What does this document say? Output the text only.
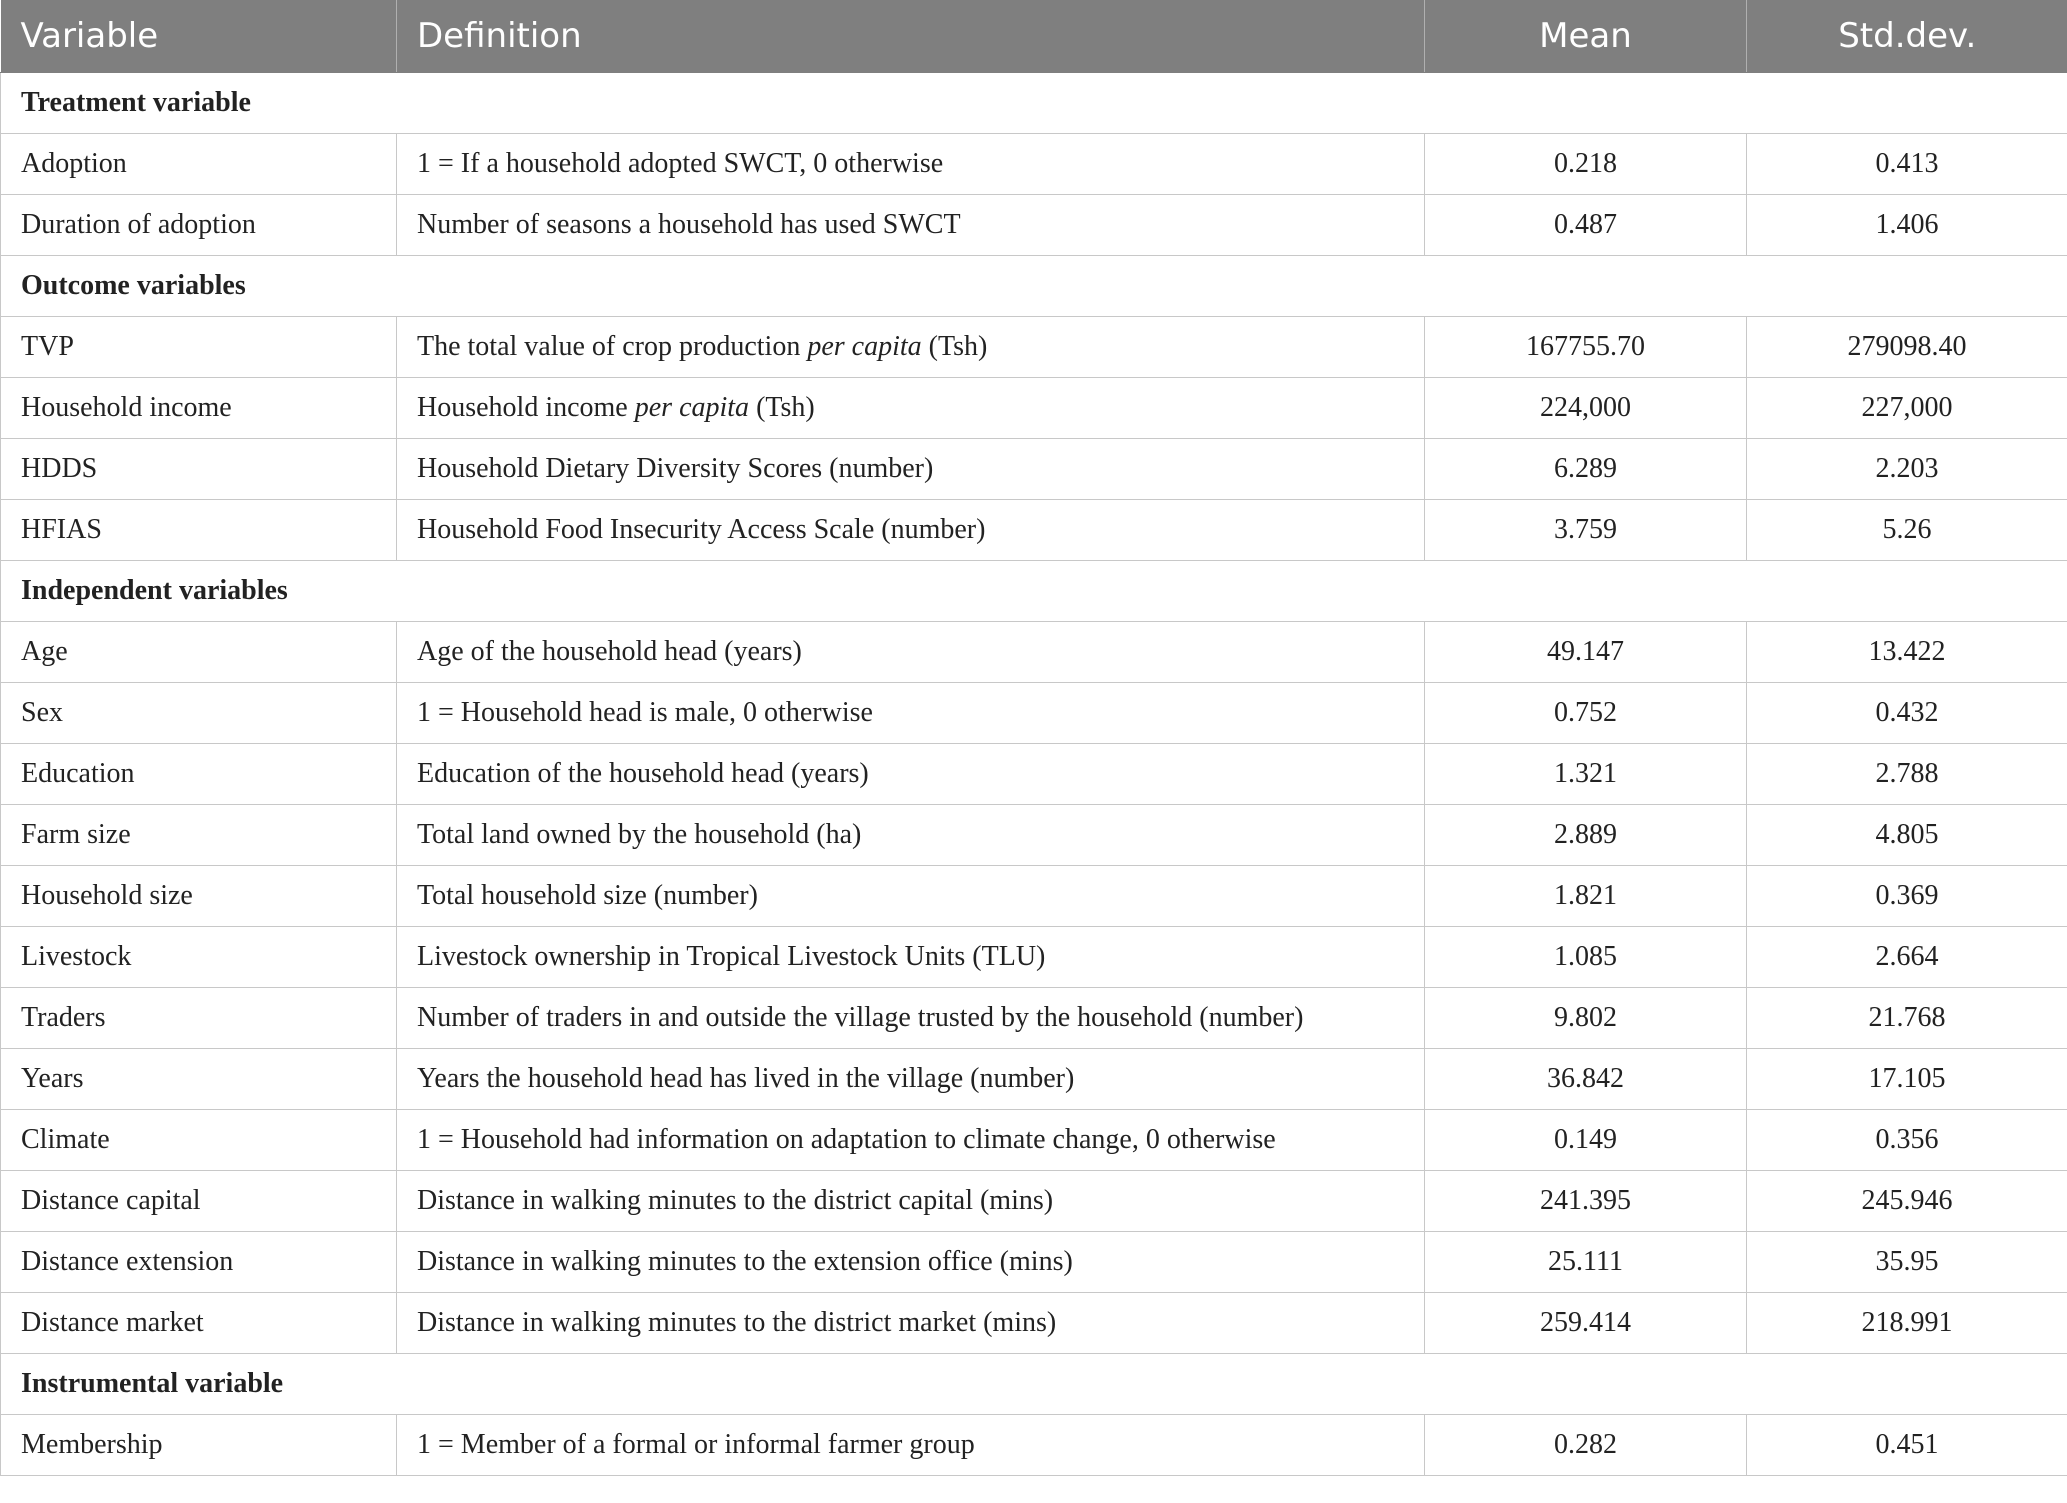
Variable	Definition	Mean	Std.dev.
Treatment variable			
Adoption	1 = If a household adopted SWCT, 0 otherwise	0.218	0.413
Duration of adoption	Number of seasons a household has used SWCT	0.487	1.406
Outcome variables			
TVP	The total value of crop production per capita (Tsh)	167755.70	279098.40
Household income	Household income per capita (Tsh)	224,000	227,000
HDDS	Household Dietary Diversity Scores (number)	6.289	2.203
HFIAS	Household Food Insecurity Access Scale (number)	3.759	5.26
Independent variables			
Age	Age of the household head (years)	49.147	13.422
Sex	1 = Household head is male, 0 otherwise	0.752	0.432
Education	Education of the household head (years)	1.321	2.788
Farm size	Total land owned by the household (ha)	2.889	4.805
Household size	Total household size (number)	1.821	0.369
Livestock	Livestock ownership in Tropical Livestock Units (TLU)	1.085	2.664
Traders	Number of traders in and outside the village trusted by the household (number)	9.802	21.768
Years	Years the household head has lived in the village (number)	36.842	17.105
Climate	1 = Household had information on adaptation to climate change, 0 otherwise	0.149	0.356
Distance capital	Distance in walking minutes to the district capital (mins)	241.395	245.946
Distance extension	Distance in walking minutes to the extension office (mins)	25.111	35.95
Distance market	Distance in walking minutes to the district market (mins)	259.414	218.991
Instrumental variable			
Membership	1 = Member of a formal or informal farmer group	0.282	0.451
